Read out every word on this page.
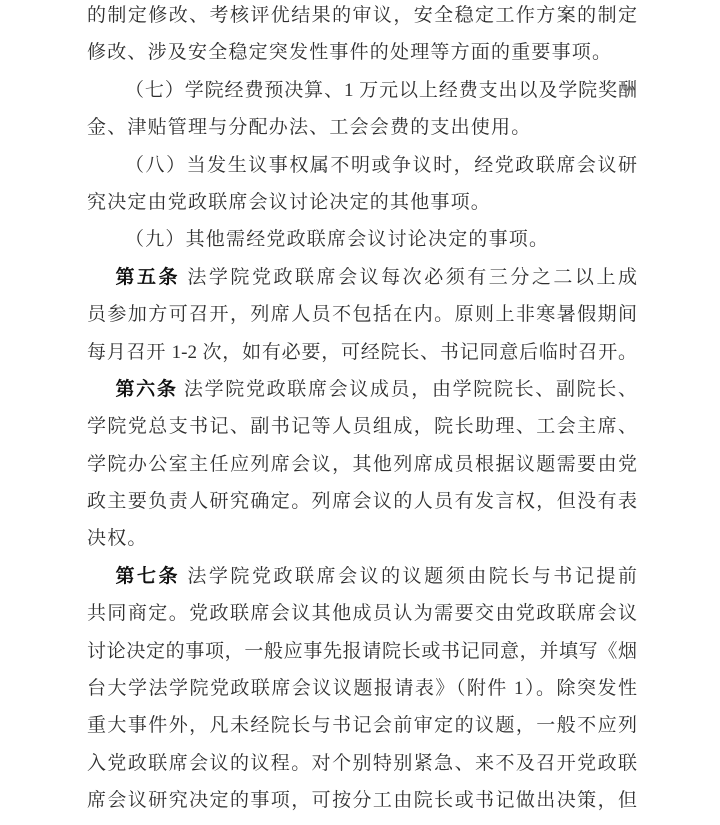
的制定修改、考核评优结果的审议，安全稳定工作方案的制定
修改、涉及安全稳定突发性事件的处理等方面的重要事项。
（七）学院经费预决算、1 万元以上经费支出以及学院奖酬
金、津贴管理与分配办法、工会会费的支出使用。
（八）当发生议事权属不明或争议时，经党政联席会议研
究决定由党政联席会议讨论决定的其他事项。
（九）其他需经党政联席会议讨论决定的事项。
第五条 法学院党政联席会议每次必须有三分之二以上成
员参加方可召开，列席人员不包括在内。原则上非寒暑假期间
每月召开 1-2 次，如有必要，可经院长、书记同意后临时召开。
第六条 法学院党政联席会议成员，由学院院长、副院长、
学院党总支书记、副书记等人员组成，院长助理、工会主席、
学院办公室主任应列席会议，其他列席成员根据议题需要由党
政主要负责人研究确定。列席会议的人员有发言权，但没有表
决权。
第七条 法学院党政联席会议的议题须由院长与书记提前
共同商定。党政联席会议其他成员认为需要交由党政联席会议
讨论决定的事项，一般应事先报请院长或书记同意，并填写《烟
台大学法学院党政联席会议议题报请表》（附件 1）。除突发性
重大事件外，凡未经院长与书记会前审定的议题，一般不应列
入党政联席会议的议程。对个别特别紧急、来不及召开党政联
席会议研究决定的事项，可按分工由院长或书记做出决策，但
